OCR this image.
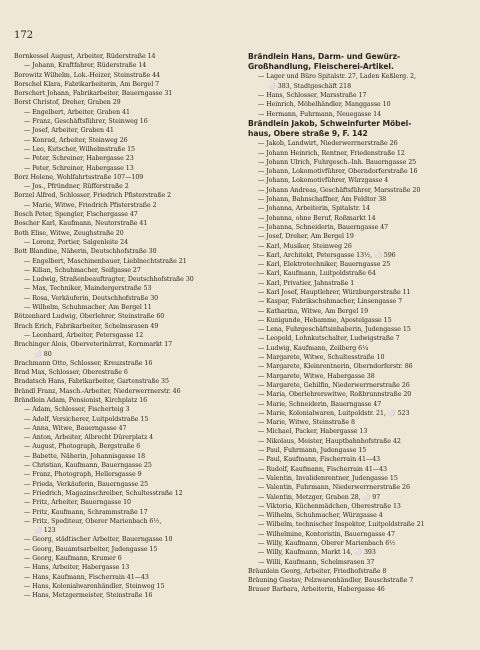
172
Bornkessel August, Arbeiter, Rüderstraße 14
— Johann, Kraftfahrer, Rüderstraße 14
Borowitz Wilhelm, Lok.-Heizer, Steinstraße 44
Borschel Klara, Fabrikarbeiterin, Am Bergel 7
Borschert Johann, Fabrikarbeiter, Bauerngasse 31
Borst Christof, Dreher, Graben 29
— Engelbert, Arbeiter, Graben 41
— Franz, Geschäftsführer, Steinweg 16
— Josef, Arbeiter, Graben 41
— Konrad, Arbeiter, Steinweg 26
— Leo, Kutscher, Wilhelmstraße 15
— Peter, Schreiner, Habergasse 23
— Peter, Schreiner, Habergasse 13
Borz Helene, Wohlfahrtsstraße 107—109
— Jos., Pfründner, Rüfferstraße 2
Borzel Alfred, Schlosser, Friedrich Pfisterstraße 2
— Marie, Witwe, Friedrich Pfisterstraße 2
Bosch Peter, Spengler, Fischergasse 47
Boscher Karl, Kaufmann, Neutorstraße 41
Both Elise, Witwe, Zeughstraße 20
— Lorenz, Portier, Salgenleite 24
Bott Blandine, Näherin, Deutschhofstraße 30
— Engelbert, Maschinenbauer, Lieblnechtstraße 21
— Kilian, Schuhmacher, Seifgasse 27
— Ludwig, Straßenbeauftragter, Deutschhofstraße 30
— Max, Techniker, Maindergerstraße 53
— Rosa, Verkäuferin, Deutschhofstraße 30
— Wilhelm, Schuhmacher, Am Bergel 11
Bötzenhard Ludwig, Oberlehrer, Steinstraße 60
Brach Erich, Fabrikarbeiter, Schelmsrasen 49
— Leonhard, Arbeiter, Petersgasse 12
Brachinger Alois, Oberveterinärrat, Kornmarkt 17
⚪ 80
Brachmann Otto, Schlosser, Kreuzstraße 16
Brad Max, Schlosser, Oberestraße 6
Bradatsch Hans, Fabrikarbeiter, Gartenstraße 35
Brändl Franz, Masch.-Arbeiter, Niederwerrnerstr. 46
Brändlein Adam, Pensionist, Kirchplatz 16
— Adam, Schlosser, Fischerteig 3
— Adolf, Versicherer, Luitpoldstraße 15
— Anna, Witwe, Bauerngasse 47
— Anton, Arbeiter, Albrecht Dürerplatz 4
— August, Photograph, Bergstraße 6
— Babette, Näherin, Johannisgasse 18
— Christian, Kaufmann, Bauerngasse 25
— Franz, Photograph, Hellersgasse 9
— Frieda, Verkäuferin, Bauerngasse 25
— Friedrich, Magazinschreiber, Schultesstraße 12
— Fritz, Arbeiter, Bauerngasse 10
— Fritz, Kaufmann, Schrammstraße 17
— Fritz, Spediteur, Oberer Marienbach 6½,
⚪ 123
— Georg, städtischer Arbeiter, Bauerngasse 10
— Georg, Bauamtsarbeiter, Judengasse 15
— Georg, Kaufmann, Krumer 6
— Hans, Arbeiter, Habergasse 13
— Hans, Kaufmann, Fischerrain 41—43
— Hans, Kolonialwarenhändler, Steinweg 15
— Hans, Metzgermeister, Steinstraße 16
Brändlein Hans, Darm- und Gewürz-
Großhandlung, Fleischerei-Artikel.
— Lager und Büro Spitalstr. 27, Laden Keßlerg. 2,
⚪ 383, Stadtgeschäft 218
— Hans, Schlosser, Marsstraße 17
— Heinrich, Möbelhändler, Manggasse 10
— Hermann, Fuhrmann, Neuegasse 14
Brändlein Jakob, Schweinfurter Möbel-
haus, Obere straße 9, F. 142
— Jakob, Landwirt, Niederwerrnerstraße 26
— Johann Heinrich, Rentner, Friedenstraße 12
— Johann Ulrich, Fuhrgesch.-Inh. Bauerngasse 25
— Johann, Lokomotivführer, Oberndorferstraße 16
— Johann, Lokomotivführer, Würzgasse 4
— Johann Andreas, Geschäftsführer, Marsstraße 20
— Johann, Bahnschaffner, Am Feldtor 38
— Johanna, Arbeiterin, Spitalstr. 14
— Johanna, ohne Beruf, Roßmarkt 14
— Johanna, Schneiderin, Bauerngasse 47
— Josef, Dreher, Am Bergel 19
— Karl, Musiker, Steinweg 26
— Karl, Architekt, Petersgasse 13½, ⚪ 596
— Karl, Elektrotechniker, Bauerngasse 25
— Karl, Kaufmann, Luitpoldstraße 64
— Karl, Privatier, Jahnstraße 1
— Karl Josef, Hauptlehrer, Würzburgerstraße 11
— Kaspar, Fabrikschuhmacher, Linsengasse 7
— Katharina, Witwe, Am Bergel 19
— Kunigunde, Hebamme, Apostelgasse 15
— Lena, Fuhrgeschäftsinhaberin, Judengasse 15
— Leopold, Lohnkutschalter, Ludwigstraße 7
— Ludwig, Kaufmann, Zeilberg 6¼
— Margarete, Witwe, Schultesstraße 10
— Margarete, Kleinrentnerin, Oberndorferstr. 86
— Margarete, Witwe, Habergasse 38
— Margarete, Gehilfin, Niederwerrnerstraße 26
— Maria, Oberlehrerswitwe, Roßbrunnstraße 20
— Marie, Schneiderin, Bauerngasse 47
— Marie, Kolonialwaren, Luitpoldstr. 21, ⚪ 523
— Marie, Witwe, Steinstraße 8
— Michael, Packer, Habergasse 13
— Nikolaus, Meister, Hauptbahnhofstraße 42
— Paul, Fuhrmann, Judengasse 15
— Paul, Kaufmann, Fischerrain 41—43
— Rudolf, Kaufmann, Fischerrain 41—43
— Valentin, Invalidenrentner, Judengasse 15
— Valentin, Fuhrmann, Niederwerrnerstraße 26
— Valentin, Metzger, Graben 28, ⚪ 97
— Viktoria, Küchenmädchen, Oberestraße 13
— Wilhelm, Schuhmacher, Würzgasse 4
— Wilhelm, technischer Inspektor, Luitpoldstraße 21
— Wilhelmine, Kontoristin, Bauerngasse 47
— Willy, Kaufmann, Oberer Marienbach 6½
— Willy, Kaufmann, Markt 14, ⚪ 393
— Willi, Kaufmann, Schelmsrasen 37
Bräunlein Georg, Arbeiter, Friedhofstraße 8
Bräuning Gustav, Pelzwarenhändler, Bauschstraße 7
Brauer Barbara, Arbeiterin, Habergasse 46
